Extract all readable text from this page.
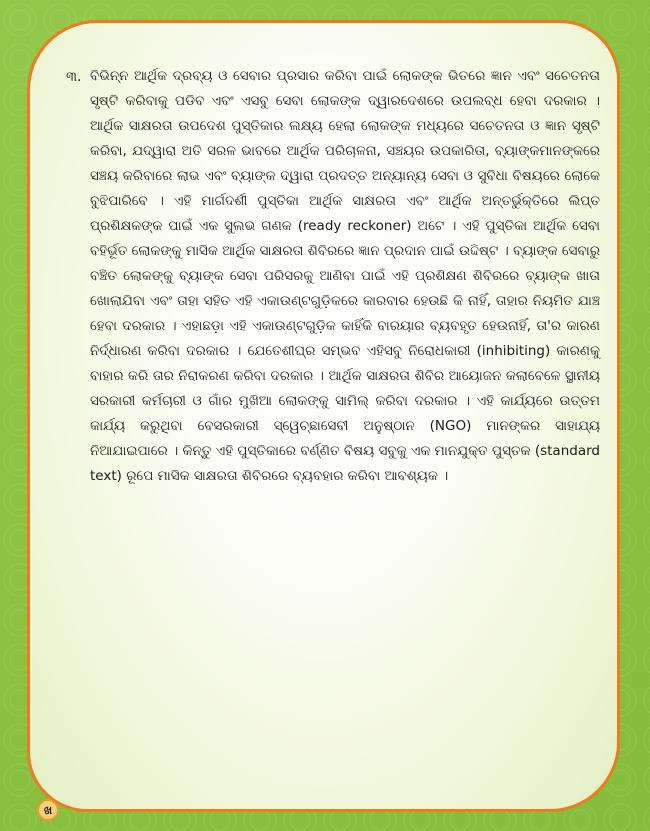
୩. ବିଭିନ୍ନ ଆର୍ଥିକ ଦ୍ରବ୍ୟ ଓ ସେବାର ପ୍ରସାର କରିବା ପାଇଁ ଲୋକଙ୍କ ଭିତରେ ଜ୍ଞାନ ଏବଂ ସଚେତନତା ସୃଷ୍ଟି କରିବାକୁ ପଡିବ ଏବଂ ଏସବୁ ସେବା ଲୋକଙ୍କ ଦ୍ୱାରଦେଶରେ ଉପଲବ୍ଧ ହେବା ଦରକାର । ଆର୍ଥିକ ସାକ୍ଷରତା ଉପଦେଶ ପୁସ୍ତିକାର ଲକ୍ଷ୍ୟ ହେଲା ଲୋକଙ୍କ ମଧ୍ୟରେ ସଚେତନତା ଓ ଜ୍ଞାନ ସୃଷ୍ଟି କରିବା, ଯଦ୍ୱାରା ଅତି ସରଳ ଭାବରେ ଆର୍ଥିକ ପରିଚାଳନା, ସଞ୍ଚୟର ଉପକାରିତା, ବ୍ୟାଙ୍କମାନଙ୍କରେ ସଞ୍ଚୟ କରିବାରେ ଲାଭ ଏବଂ ବ୍ୟାଙ୍କ ଦ୍ୱାରା ପ୍ରଦତ୍ତ ଅନ୍ୟାନ୍ୟ ସେବା ଓ ସୁବିଧା ବିଷୟରେ ଲୋକେ ବୁଝିପାରିବେ । ଏହି ମାର୍ଗଦର୍ଶୀ ପୁସ୍ତିକା ଆର୍ଥିକ ସାକ୍ଷରତା ଏବଂ ଆର୍ଥିକ ଅନ୍ତର୍ଭୁକ୍ତିରେ ଲିପ୍ତ ପ୍ରଶିକ୍ଷକଙ୍କ ପାଇଁ ଏକ ସୁଲଭ ଗଣକ (ready reckoner) ଅଟେ । ଏହି ପୁସ୍ତିକା ଆର୍ଥିକ ସେବା ବହିର୍ଭୂତ ଲୋକଙ୍କୁ ମାସିକ ଆର୍ଥିକ ସାକ୍ଷରତା ଶିବିରରେ ଜ୍ଞାନ ପ୍ରଦାନ ପାଇଁ ଉଦ୍ଦିଷ୍ଟ । ବ୍ୟାଙ୍କ ସେବାରୁ ବଞ୍ଚିତ ଲୋକଙ୍କୁ ବ୍ୟାଙ୍କ ସେବା ପରିସରକୁ ଆଣିବା ପାଇଁ ଏହି ପ୍ରଶିକ୍ଷଣ ଶିବିରରେ ବ୍ୟାଙ୍କ ଖାତା ଖୋଲାଯିବା ଏବଂ ତାହା ସହିତ ଏହି ଏକାଉଣ୍ଟଗୁଡ଼ିକରେ କାରବାର ହେଉଛି କି ନାହିଁ, ତାହାର ନିୟମିତ ଯାଞ୍ଚ ହେବା ଦରକାର । ଏହାଛଡ଼ା ଏହି ଏକାଉଣ୍ଟଗୁଡ଼ିକ କାହିଁକି ବାରୟାର ବ୍ୟବହୃତ ହେଉନାହିଁ, ତା'ର କାରଣ ନିର୍ଦ୍ଧାରଣ କରିବା ଦରକାର । ଯେତେଶୀଘ୍ର ସମ୍ଭବ ଏହିସବୁ ନିରୋଧକାରୀ (inhibiting) କାରଣକୁ ବାହାର କରି ତାର ନିରାକରଣ କରିବା ଦରକାର । ଆର୍ଥିକ ସାକ୍ଷରତା ଶିବିର ଆୟୋଜନ କଲାବେଳେ ସ୍ଥାନୀୟ ସରକାରୀ କର୍ମଚାରୀ ଓ ଗାଁର ମୁଖିଆ ଲୋକଙ୍କୁ ସାମିଲ୍ କରିବା ଦରକାର । ଏହି କାର୍ଯ୍ୟରେ ଉତ୍ତମ କାର୍ଯ୍ୟ କରୁଥିବା ବେସରକାରୀ ସ୍ୱେଚ୍ଛାସେବୀ ଅନୁଷ୍ଠାନ (NGO) ମାନଙ୍କର ସାହାଯ୍ୟ ନିଆଯାଇପାରେ । କିନ୍ତୁ ଏହି ପୁସ୍ତିକାରେ ବର୍ଣ୍ଣିତ ବିଷୟ ସବୁକୁ ଏକ ମାନଯୁକ୍ତ ପୁସ୍ତକ (standard text) ରୂପେ ମାସିକ ସାକ୍ଷରତା ଶିବିରରେ ବ୍ୟବହାର କରିବା ଆବଶ୍ୟକ ।

ଖ
